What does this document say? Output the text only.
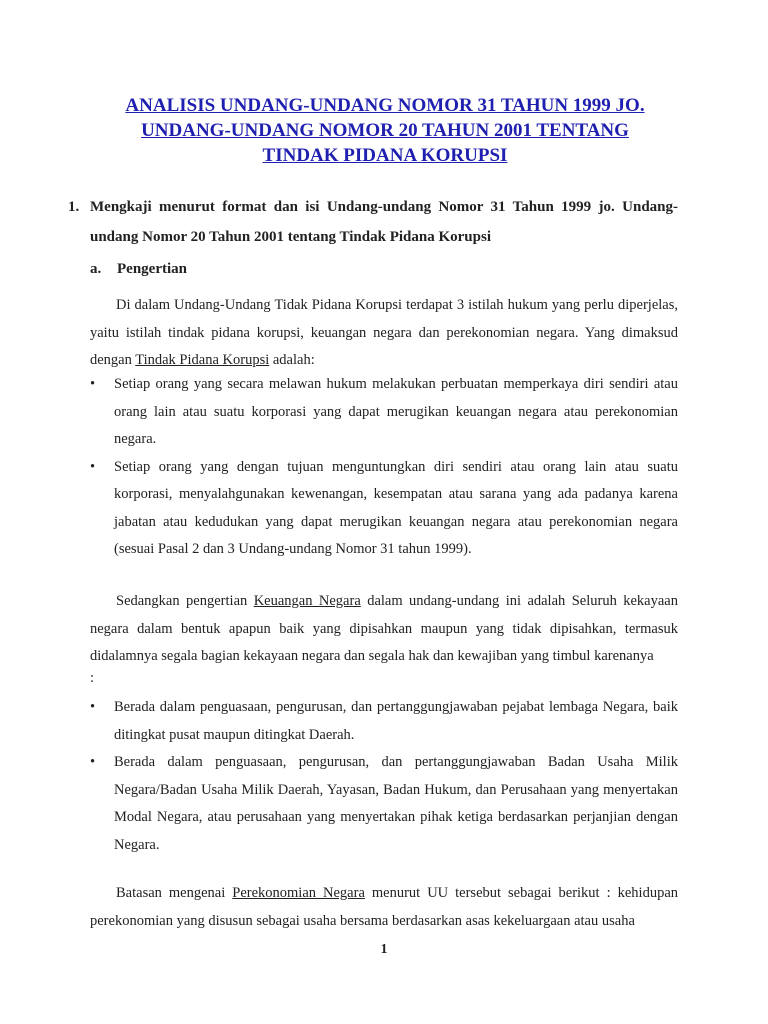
ANALISIS UNDANG-UNDANG NOMOR 31 TAHUN 1999 JO.
UNDANG-UNDANG NOMOR 20 TAHUN 2001 TENTANG
TINDAK PIDANA KORUPSI
1. Mengkaji menurut format dan isi Undang-undang Nomor 31 Tahun 1999 jo. Undang-undang Nomor 20 Tahun 2001 tentang Tindak Pidana Korupsi
a. Pengertian
Di dalam Undang-Undang Tidak Pidana Korupsi terdapat 3 istilah hukum yang perlu diperjelas, yaitu istilah tindak pidana korupsi, keuangan negara dan perekonomian negara. Yang dimaksud dengan Tindak Pidana Korupsi adalah:
• Setiap orang yang secara melawan hukum melakukan perbuatan memperkaya diri sendiri atau orang lain atau suatu korporasi yang dapat merugikan keuangan negara atau perekonomian negara.
• Setiap orang yang dengan tujuan menguntungkan diri sendiri atau orang lain atau suatu korporasi, menyalahgunakan kewenangan, kesempatan atau sarana yang ada padanya karena jabatan atau kedudukan yang dapat merugikan keuangan negara atau perekonomian negara (sesuai Pasal 2 dan 3 Undang-undang Nomor 31 tahun 1999).
Sedangkan pengertian Keuangan Negara dalam undang-undang ini adalah Seluruh kekayaan negara dalam bentuk apapun baik yang dipisahkan maupun yang tidak dipisahkan, termasuk didalamnya segala bagian kekayaan negara dan segala hak dan kewajiban yang timbul karenanya
:
• Berada dalam penguasaan, pengurusan, dan pertanggungjawaban pejabat lembaga Negara, baik ditingkat pusat maupun ditingkat Daerah.
• Berada dalam penguasaan, pengurusan, dan pertanggungjawaban Badan Usaha Milik Negara/Badan Usaha Milik Daerah, Yayasan, Badan Hukum, dan Perusahaan yang menyertakan Modal Negara, atau perusahaan yang menyertakan pihak ketiga berdasarkan perjanjian dengan Negara.
Batasan mengenai Perekonomian Negara menurut UU tersebut sebagai berikut : kehidupan perekonomian yang disusun sebagai usaha bersama berdasarkan asas kekeluargaan atau usaha
1
